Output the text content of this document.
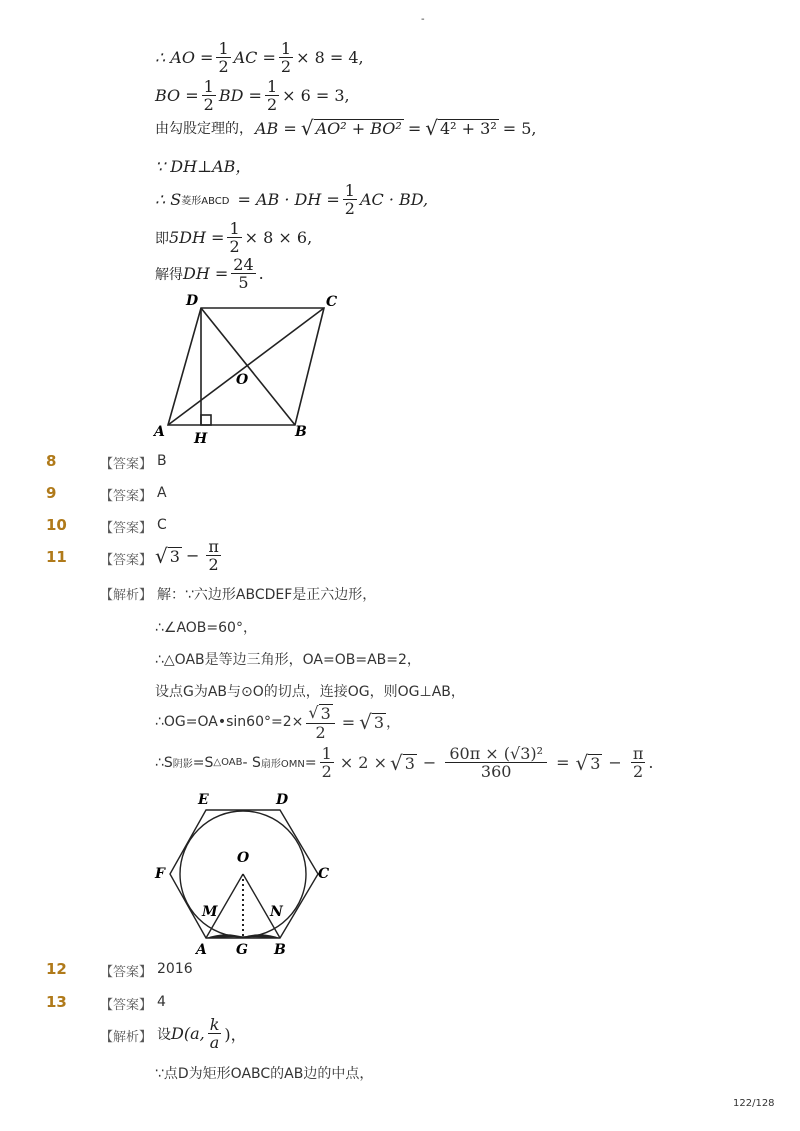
-
∴ AO = $\frac{1}{2}$ AC = $\frac{1}{2} \times 8 = 4$,
BO = $\frac{1}{2}$ BD = $\frac{1}{2} \times 6 = 3$,
由勾股定理的， AB = √ AO² + BO² = √ 4² + 3² = 5,
∵ DH⊥AB，
∴ S 菱形ABCD = AB · DH = $\frac{1}{2}$ AC · BD,
即 $5DH = \frac{1}{2} \times 8 \times 6$,
解得 DH = $\frac{24}{5}$ .
D	C
O
A H	B
8	【答案】 B
9	【答案】 A
10	【答案】 C
11	【答案】 √ $3 - \frac{\pi}{2}$
【解析】 解：∵六边形ABCDEF是正六边形，
∴∠AOB=60°，
∴△OAB是等边三角形，OA=OB=AB=2，
设点G为AB与⊙O的切点，连接OG，则OG⊥AB，
∴OG=OA•sin60°=2× $\frac{√ 3}{2}$ = √ 3 ，
∴S 阴影 =S △OAB - S 扇形OMN = $\frac{1}{2} \times 2$ × √ $3 - \frac{\text{60π × (√3)²}}{360}$ = √ $3 - \frac{\pi}{2}$ .
E	D
F
O
C
M	N
A G B
12	【答案】 2016
13	【答案】 4
【解析】 设 D(a, $\frac{k}{a}$ )，
∵点D为矩形OABC的AB边的中点，
122/128
